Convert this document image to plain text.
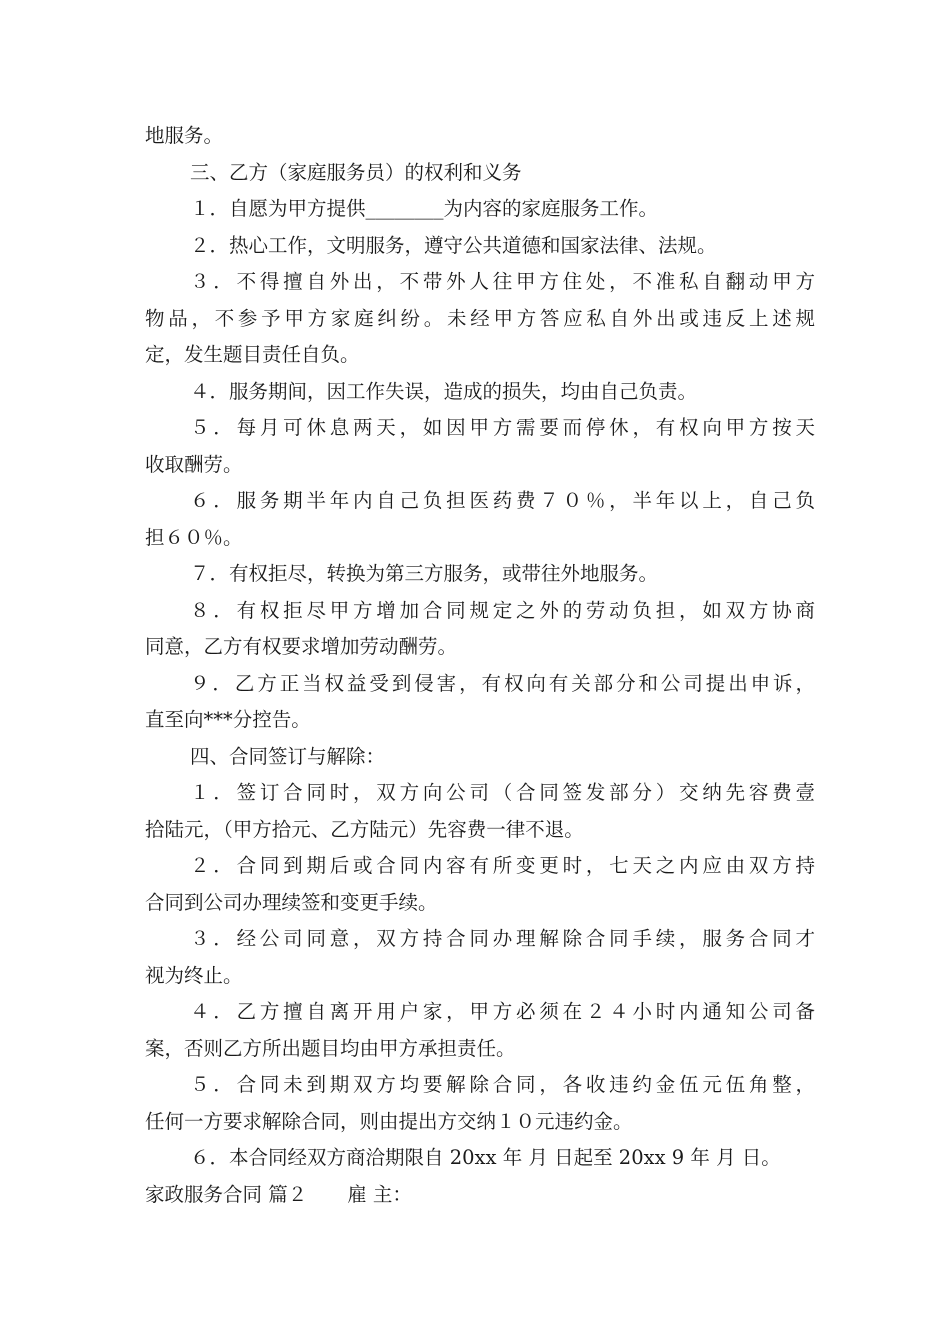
地服务。
三、乙方（家庭服务员）的权利和义务
１．自愿为甲方提供________为内容的家庭服务工作。
２．热心工作，文明服务，遵守公共道德和国家法律、法规。
３．不得擅自外出，不带外人往甲方住处，不准私自翻动甲方
物品，不参予甲方家庭纠纷。未经甲方答应私自外出或违反上述规
定，发生题目责任自负。
４．服务期间，因工作失误，造成的损失，均由自己负责。
５．每月可休息两天，如因甲方需要而停休，有权向甲方按天
收取酬劳。
６．服务期半年内自己负担医药费７０％，半年以上，自己负
担６０％。
７．有权拒尽，转换为第三方服务，或带往外地服务。
８．有权拒尽甲方增加合同规定之外的劳动负担，如双方协商
同意，乙方有权要求增加劳动酬劳。
９．乙方正当权益受到侵害，有权向有关部分和公司提出申诉，
直至向***分控告。
四、合同签订与解除：
１．签订合同时，双方向公司（合同签发部分）交纳先容费壹
拾陆元，（甲方拾元、乙方陆元）先容费一律不退。
２．合同到期后或合同内容有所变更时，七天之内应由双方持
合同到公司办理续签和变更手续。
３．经公司同意，双方持合同办理解除合同手续，服务合同才
视为终止。
４．乙方擅自离开用户家，甲方必须在２４小时内通知公司备
案，否则乙方所出题目均由甲方承担责任。
５．合同未到期双方均要解除合同，各收违约金伍元伍角整，
任何一方要求解除合同，则由提出方交纳１０元违约金。
６．本合同经双方商洽期限自 20xx 年 月 日起至 20xx 9 年 月 日。
家政服务合同 篇２ 雇 主：
